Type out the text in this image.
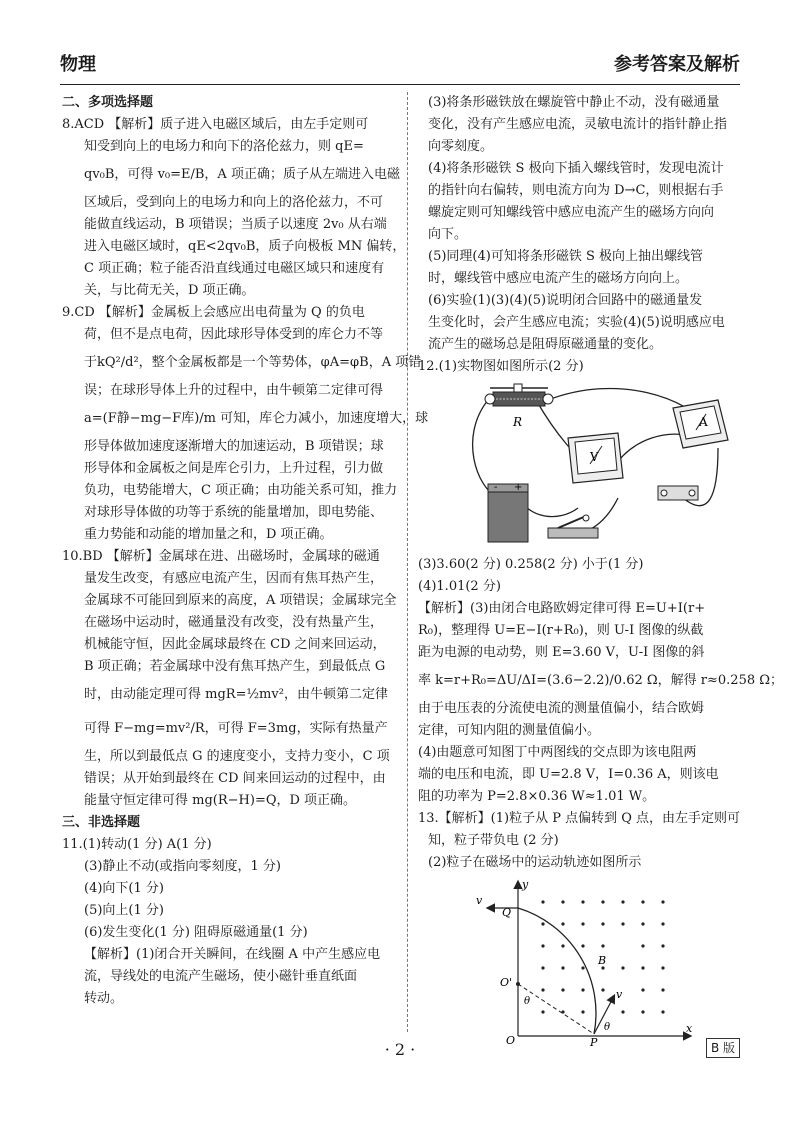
物理	参考答案及解析
二、多项选择题
8.ACD 【解析】质子进入电磁区域后，由左手定则可
知受到向上的电场力和向下的洛伦兹力，则 qE=
qv₀B，可得 v₀=E/B，A 项正确；质子从左端进入电磁
区域后，受到向上的电场力和向上的洛伦兹力，不可
能做直线运动，B 项错误；当质子以速度 2v₀ 从右端
进入电磁区域时，qE<2qv₀B，质子向极板 MN 偏转，
C 项正确；粒子能否沿直线通过电磁区域只和速度有
关，与比荷无关，D 项正确。
9.CD 【解析】金属板上会感应出电荷量为 Q 的负电
荷，但不是点电荷，因此球形导体受到的库仑力不等
于kQ²/d²，整个金属板都是一个等势体，φA=φB，A 项错
误；在球形导体上升的过程中，由牛顿第二定律可得
a=(F静−mg−F库)/m 可知，库仑力减小，加速度增大，球
形导体做加速度逐渐增大的加速运动，B 项错误；球
形导体和金属板之间是库仑引力，上升过程，引力做
负功，电势能增大，C 项正确；由功能关系可知，推力
对球形导体做的功等于系统的能量增加，即电势能、
重力势能和动能的增加量之和，D 项正确。
10.BD 【解析】金属球在进、出磁场时，金属球的磁通
量发生改变，有感应电流产生，因而有焦耳热产生，
金属球不可能回到原来的高度，A 项错误；金属球完全
在磁场中运动时，磁通量没有改变，没有热量产生，
机械能守恒，因此金属球最终在 CD 之间来回运动，
B 项正确；若金属球中没有焦耳热产生，到最低点 G
时，由动能定理可得 mgR=½mv²，由牛顿第二定律
可得 F−mg=mv²/R，可得 F=3mg，实际有热量产
生，所以到最低点 G 的速度变小，支持力变小，C 项
错误；从开始到最终在 CD 间来回运动的过程中，由
能量守恒定律可得 mg(R−H)=Q，D 项正确。
三、非选择题
11.(1)转动(1 分) A(1 分)
(3)静止不动(或指向零刻度，1 分)
(4)向下(1 分)
(5)向上(1 分)
(6)发生变化(1 分) 阻碍原磁通量(1 分)
【解析】(1)闭合开关瞬间，在线圈 A 中产生感应电
流，导线处的电流产生磁场，使小磁针垂直纸面
转动。
(3)将条形磁铁放在螺旋管中静止不动，没有磁通量
变化，没有产生感应电流，灵敏电流计的指针静止指
向零刻度。
(4)将条形磁铁 S 极向下插入螺线管时，发现电流计
的指针向右偏转，则电流方向为 D→C，则根据右手
螺旋定则可知螺线管中感应电流产生的磁场方向向
向下。
(5)同理(4)可知将条形磁铁 S 极向上抽出螺线管
时，螺线管中感应电流产生的磁场方向向上。
(6)实验(1)(3)(4)(5)说明闭合回路中的磁通量发
生变化时，会产生感应电流；实验(4)(5)说明感应电
流产生的磁场总是阻碍原磁通量的变化。
12.(1)实物图如图所示(2 分)
R	A
V
- +
(3)3.60(2 分) 0.258(2 分) 小于(1 分)
(4)1.01(2 分)
【解析】(3)由闭合电路欧姆定律可得 E=U+I(r+
R₀)，整理得 U=E−I(r+R₀)，则 U-I 图像的纵截
距为电源的电动势，则 E=3.60 V，U-I 图像的斜
率 k=r+R₀=ΔU/ΔI=(3.6−2.2)/0.62 Ω，解得 r≈0.258 Ω；
由于电压表的分流使电流的测量值偏小，结合欧姆
定律，可知内阻的测量值偏小。
(4)由题意可知图丁中两图线的交点即为该电阻两
端的电压和电流，即 U=2.8 V，I=0.36 A，则该电
阻的功率为 P=2.8×0.36 W≈1.01 W。
13.【解析】(1)粒子从 P 点偏转到 Q 点，由左手定则可
知，粒子带负电 (2 分)
(2)粒子在磁场中的运动轨迹如图所示
y
x
v
Q
B
O'
θ
v
θ
O	P
· 2 ·	B 版
